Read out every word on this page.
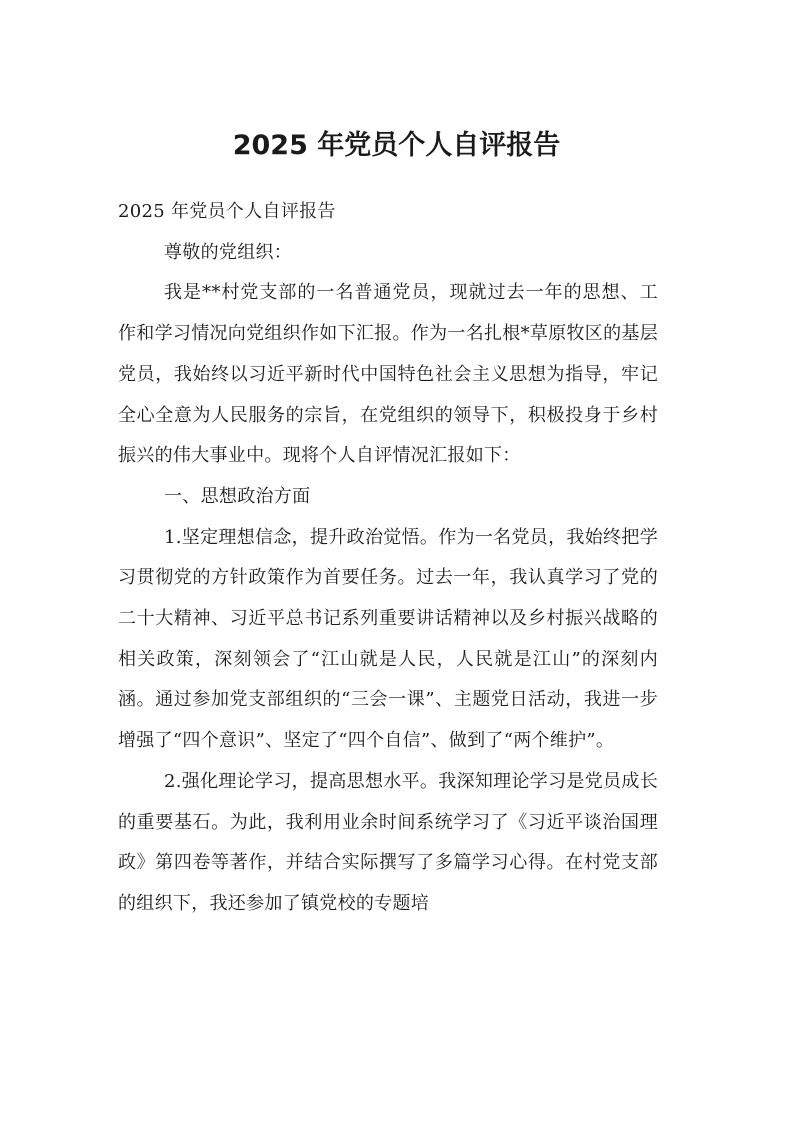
2025 年党员个人自评报告

2025 年党员个人自评报告

尊敬的党组织：

我是**村党支部的一名普通党员，现就过去一年的思想、工作和学习情况向党组织作如下汇报。作为一名扎根*草原牧区的基层党员，我始终以习近平新时代中国特色社会主义思想为指导，牢记全心全意为人民服务的宗旨，在党组织的领导下，积极投身于乡村振兴的伟大事业中。现将个人自评情况汇报如下：

一、思想政治方面

1.坚定理想信念，提升政治觉悟。作为一名党员，我始终把学习贯彻党的方针政策作为首要任务。过去一年，我认真学习了党的二十大精神、习近平总书记系列重要讲话精神以及乡村振兴战略的相关政策，深刻领会了“江山就是人民，人民就是江山”的深刻内涵。通过参加党支部组织的“三会一课”、主题党日活动，我进一步增强了“四个意识”、坚定了“四个自信”、做到了“两个维护”。

2.强化理论学习，提高思想水平。我深知理论学习是党员成长的重要基石。为此，我利用业余时间系统学习了《习近平谈治国理政》第四卷等著作，并结合实际撰写了多篇学习心得。在村党支部的组织下，我还参加了镇党校的专题培
